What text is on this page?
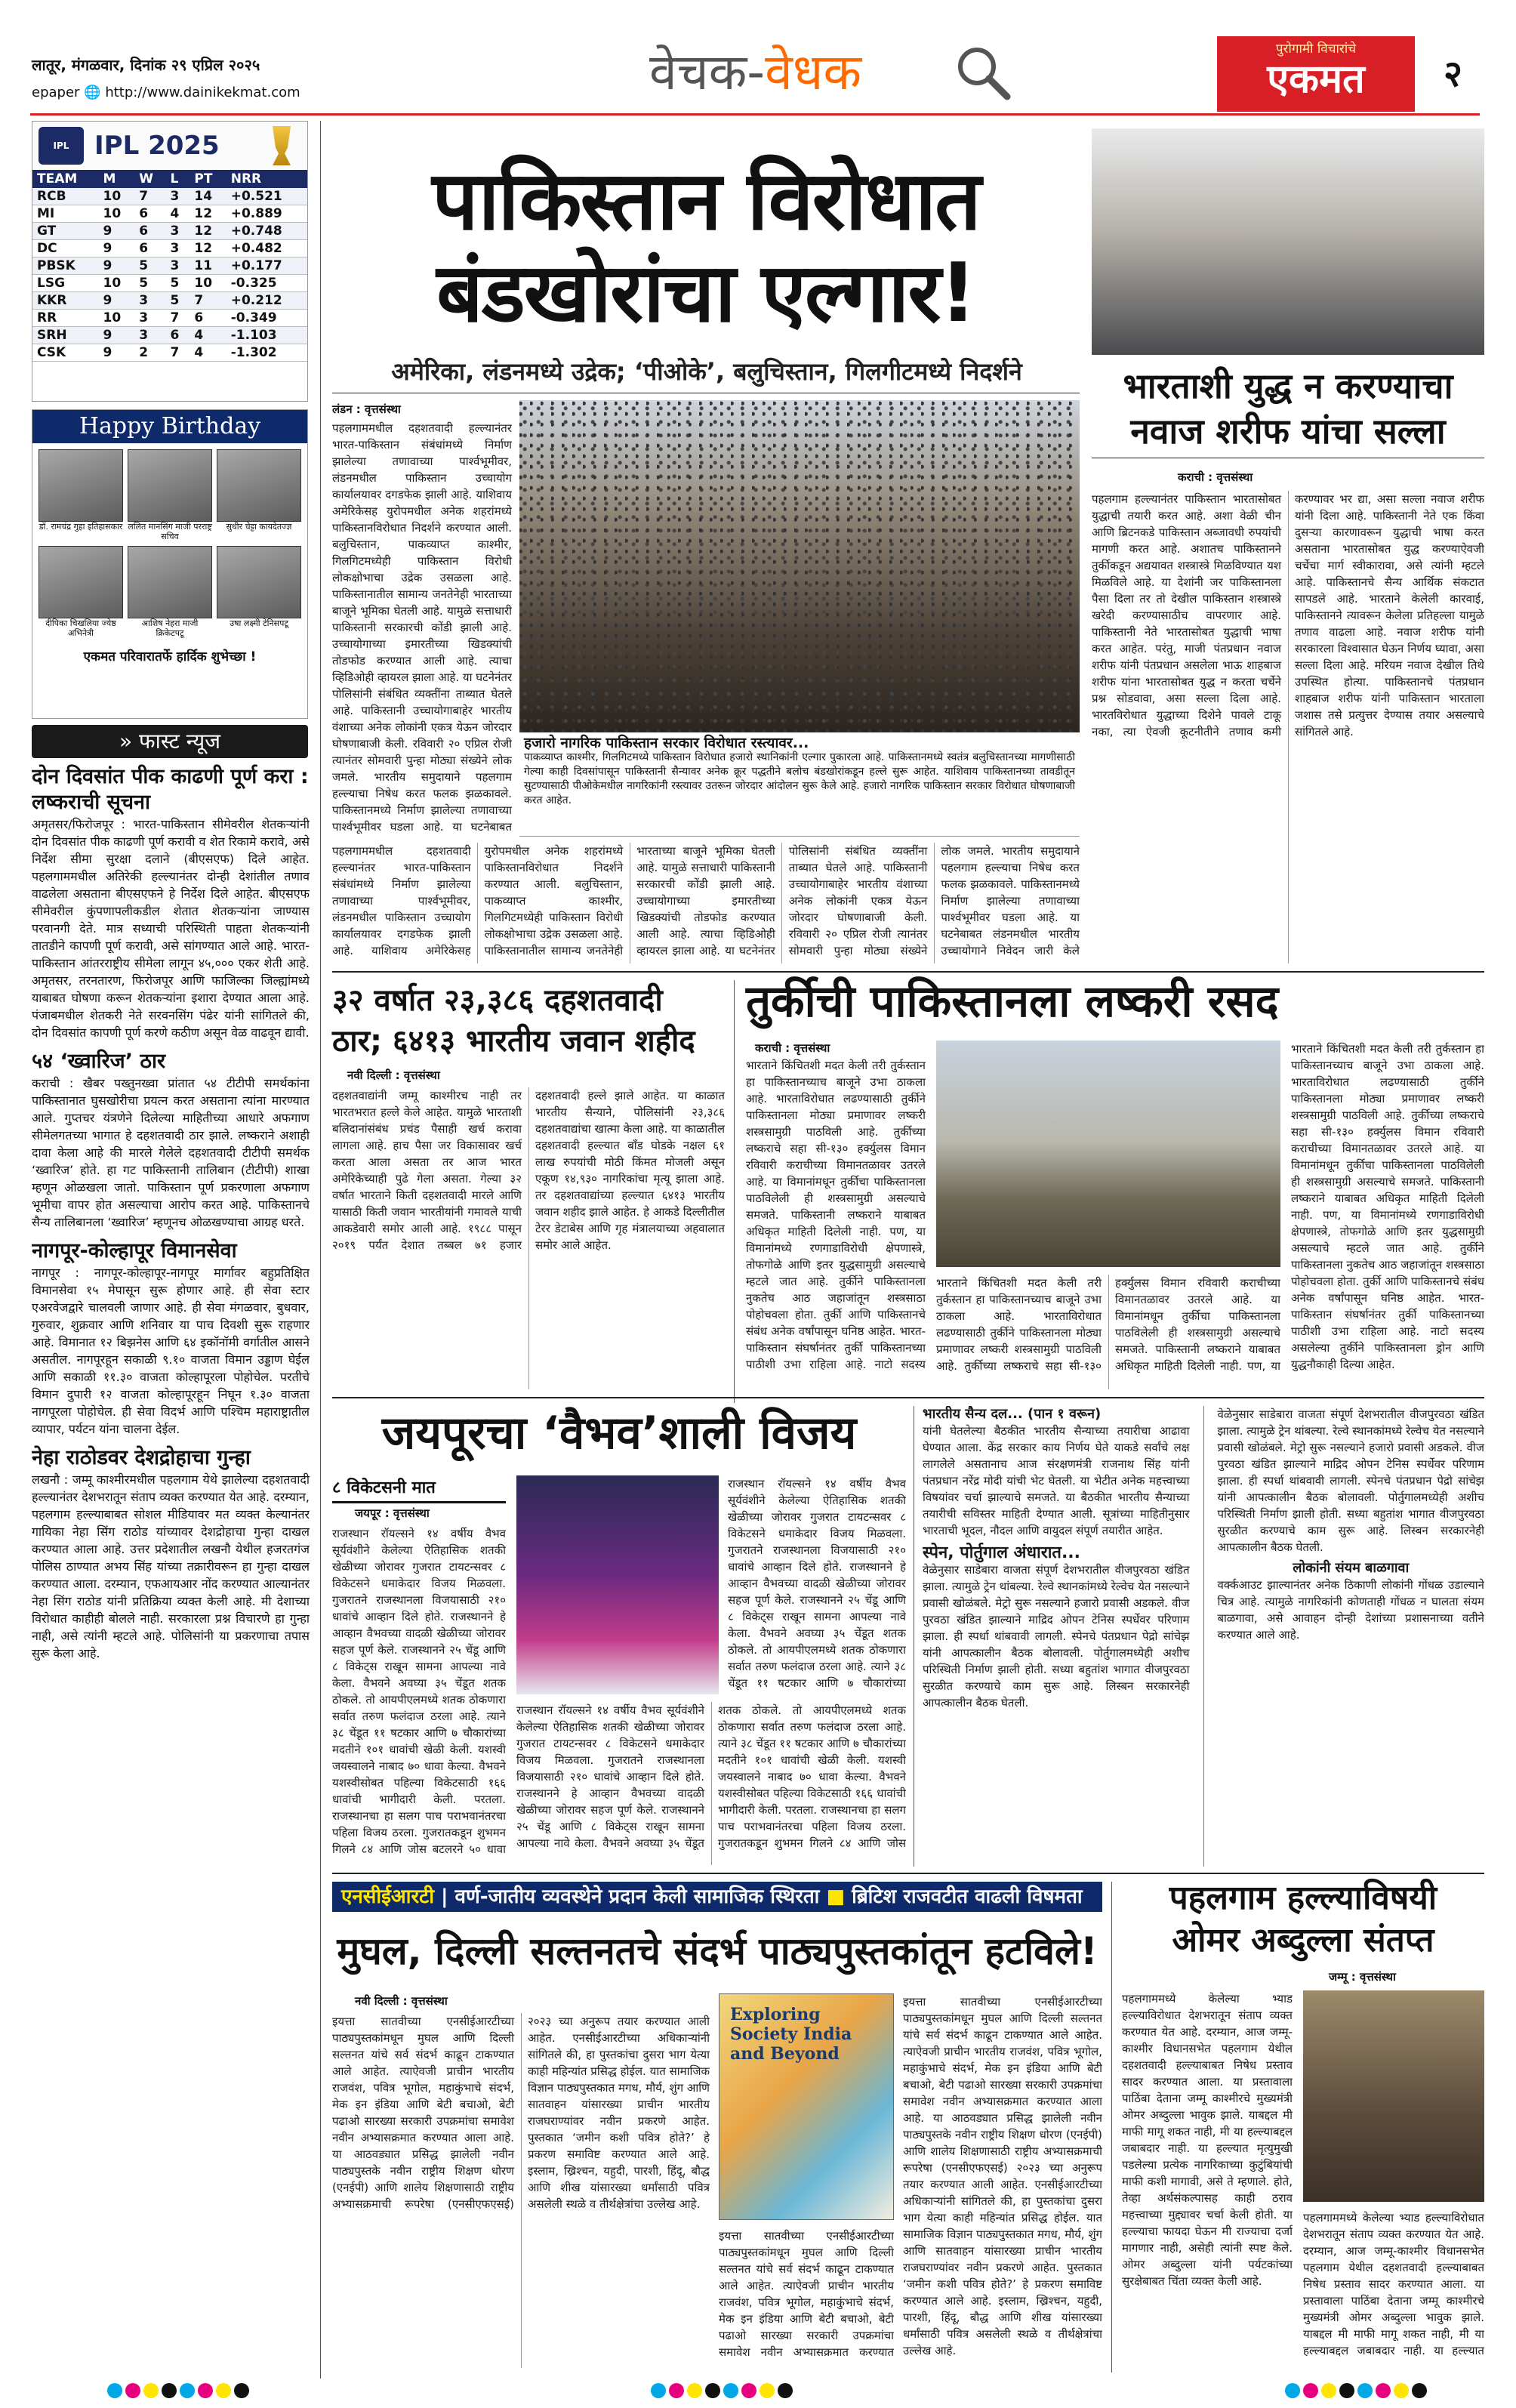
लातूर, मंगळवार, दिनांक २९ एप्रिल २०२५
epaper 🌐 http://www.dainikekmat.com	वेचक-वेधक	पुरोगामी विचारांचे
एकमत	२
IPL IPL 2025
TEAM	M	W	L	PT	NRR
RCB	10	7	3	14	+0.521
MI	10	6	4	12	+0.889
GT	9	6	3	12	+0.748
DC	9	6	3	12	+0.482
PBSK	9	5	3	11	+0.177
LSG	10	5	5	10	-0.325
KKR	9	3	5	7	+0.212
RR	10	3	7	6	-0.349
SRH	9	3	6	4	-1.103
CSK	9	2	7	4	-1.302
Happy Birthday
डॉ. रामचंद्र गुहा इतिहासकार ललित मानसिंग माजी परराष्ट्र सचिव
सुधीर चेट्टा कायदेतज्ज्ञ
दीपिका चिखलिया ज्येष्ठ अभिनेत्री
आशिष नेहरा माजी क्रिकेटपटू
उषा लक्ष्मी टेनिसपटू
एकमत परिवारातर्फे हार्दिक शुभेच्छा !
» फास्ट न्यूज
दोन दिवसांत पीक काढणी पूर्ण करा : लष्कराची सूचना
अमृतसर/फिरोजपूर : भारत-पाकिस्तान सीमेवरील शेतकऱ्यांनी दोन दिवसांत पीक काढणी पूर्ण करावी व शेत रिकामे करावे, असे निर्देश सीमा सुरक्षा दलाने (बीएसएफ) दिले आहेत. पहलगाममधील अतिरेकी हल्ल्यानंतर दोन्ही देशांतील तणाव वाढलेला असताना बीएसएफने हे निर्देश दिले आहेत. बीएसएफ सीमेवरील कुंपणापलीकडील शेतात शेतकऱ्यांना जाण्यास परवानगी देते. मात्र सध्याची परिस्थिती पाहता शेतकऱ्यांनी तातडीने कापणी पूर्ण करावी, असे सांगण्यात आले आहे. भारत-पाकिस्तान आंतरराष्ट्रीय सीमेला लागून ४५,००० एकर शेती आहे. अमृतसर, तरनतारण, फिरोजपूर आणि फाजिल्का जिल्ह्यांमध्ये याबाबत घोषणा करून शेतकऱ्यांना इशारा देण्यात आला आहे. पंजाबमधील शेतकरी नेते सरवनसिंग पंढेर यांनी सांगितले की, दोन दिवसांत कापणी पूर्ण करणे कठीण असून वेळ वाढवून द्यावी.
५४ ‘ख्वारिज’ ठार
कराची : खैबर पख्तुनख्वा प्रांतात ५४ टीटीपी समर्थकांना पाकिस्तानात घुसखोरीचा प्रयत्न करत असताना त्यांना मारण्यात आले. गुप्तचर यंत्रणेने दिलेल्या माहितीच्या आधारे अफगाण सीमेलगतच्या भागात हे दहशतवादी ठार झाले. लष्कराने अशाही दावा केला आहे की मारले गेलेले दहशतवादी टीटीपी समर्थक ‘ख्वारिज’ होते. हा गट पाकिस्तानी तालिबान (टीटीपी) शाखा म्हणून ओळखला जातो. पाकिस्तान पूर्ण प्रकरणाला अफगाण भूमीचा वापर होत असल्याचा आरोप करत आहे. पाकिस्तानचे सैन्य तालिबानला ‘ख्वारिज’ म्हणूनच ओळखण्याचा आग्रह धरते.
नागपूर-कोल्हापूर विमानसेवा
नागपूर : नागपूर-कोल्हापूर-नागपूर मार्गावर बहुप्रतिक्षित विमानसेवा १५ मेपासून सुरू होणार आहे. ही सेवा स्टार एअरवेजद्वारे चालवली जाणार आहे. ही सेवा मंगळवार, बुधवार, गुरुवार, शुक्रवार आणि शनिवार या पाच दिवशी सुरू राहणार आहे. विमानात १२ बिझनेस आणि ६४ इकॉनॉमी वर्गातील आसने असतील. नागपूरहून सकाळी ९.१० वाजता विमान उड्डाण घेईल आणि सकाळी ११.३० वाजता कोल्हापूरला पोहोचेल. परतीचे विमान दुपारी १२ वाजता कोल्हापूरहून निघून १.३० वाजता नागपूरला पोहोचेल. ही सेवा विदर्भ आणि पश्चिम महाराष्ट्रातील व्यापार, पर्यटन यांना चालना देईल.
नेहा राठोडवर देशद्रोहाचा गुन्हा
लखनौ : जम्मू काश्मीरमधील पहलगाम येथे झालेल्या दहशतवादी हल्ल्यानंतर देशभरातून संताप व्यक्त करण्यात येत आहे. दरम्यान, पहलगाम हल्ल्याबाबत सोशल मीडियावर मत व्यक्त केल्यानंतर गायिका नेहा सिंग राठोड यांच्यावर देशद्रोहाचा गुन्हा दाखल करण्यात आला आहे. उत्तर प्रदेशातील लखनौ येथील हजरतगंज पोलिस ठाण्यात अभय सिंह यांच्या तक्रारीवरून हा गुन्हा दाखल करण्यात आला. दरम्यान, एफआयआर नोंद करण्यात आल्यानंतर नेहा सिंग राठोड यांनी प्रतिक्रिया व्यक्त केली आहे. मी देशाच्या विरोधात काहीही बोलले नाही. सरकारला प्रश्न विचारणे हा गुन्हा नाही, असे त्यांनी म्हटले आहे. पोलिसांनी या प्रकरणाचा तपास सुरू केला आहे.
पाकिस्तान विरोधात
बंडखोरांचा एल्गार!
अमेरिका, लंडनमध्ये उद्रेक; ‘पीओके’, बलुचिस्तान, गिलगीटमध्ये निदर्शने
लंडन : वृत्तसंस्था
हजारो नागरिक पाकिस्तान सरकार विरोधात रस्त्यावर...
पाकव्याप्त काश्मीर, गिलगिटमध्ये पाकिस्तान विरोधात हजारो स्थानिकांनी एल्गार पुकारला आहे. पाकिस्तानमध्ये स्वतंत्र बलुचिस्तानच्या मागणीसाठी गेल्या काही दिवसांपासून पाकिस्तानी सैन्यावर अनेक क्रूर पद्धतीने बलोच बंडखोरांकडून हल्ले सुरू आहेत. याशिवाय पाकिस्तानच्या तावडीतून सुटण्यासाठी पीओकेमधील नागरिकांनी रस्त्यावर उतरून जोरदार आंदोलन सुरू केले आहे. हजारो नागरिक पाकिस्तान सरकार विरोधात घोषणाबाजी करत आहेत.
पहलगाममधील दहशतवादी हल्ल्यानंतर भारत-पाकिस्तान संबंधांमध्ये निर्माण झालेल्या तणावाच्या पार्श्वभूमीवर, लंडनमधील पाकिस्तान उच्चायोग कार्यालयावर दगडफेक झाली आहे. याशिवाय अमेरिकेसह युरोपमधील अनेक शहरांमध्ये पाकिस्तानविरोधात निदर्शने करण्यात आली. बलुचिस्तान, पाकव्याप्त काश्मीर, गिलगिटमध्येही पाकिस्तान विरोधी लोकक्षोभाचा उद्रेक उसळला आहे. पाकिस्तानातील सामान्य जनतेनेही भारताच्या बाजूने भूमिका घेतली आहे. यामुळे सत्ताधारी पाकिस्तानी सरकारची कोंडी झाली आहे. उच्चायोगाच्या इमारतीच्या खिडक्यांची तोडफोड करण्यात आली आहे. त्याचा व्हिडिओही व्हायरल झाला आहे. या घटनेनंतर पोलिसांनी संबंधित व्यक्तींना ताब्यात घेतले आहे. पाकिस्तानी उच्चायोगाबाहेर भारतीय वंशाच्या अनेक लोकांनी एकत्र येऊन जोरदार घोषणाबाजी केली. रविवारी २० एप्रिल रोजी त्यानंतर सोमवारी पुन्हा मोठ्या संख्येने लोक जमले. भारतीय समुदायाने पहलगाम हल्ल्याचा निषेध करत फलक झळकावले. पाकिस्तानमध्ये निर्माण झालेल्या तणावाच्या पार्श्वभूमीवर घडला आहे. या घटनेबाबत
पहलगाममधील दहशतवादी हल्ल्यानंतर भारत-पाकिस्तान संबंधांमध्ये निर्माण झालेल्या तणावाच्या पार्श्वभूमीवर, लंडनमधील पाकिस्तान उच्चायोग कार्यालयावर दगडफेक झाली आहे. याशिवाय अमेरिकेसह युरोपमधील अनेक शहरांमध्ये पाकिस्तानविरोधात निदर्शने करण्यात आली. बलुचिस्तान, पाकव्याप्त काश्मीर, गिलगिटमध्येही पाकिस्तान विरोधी लोकक्षोभाचा उद्रेक उसळला आहे. पाकिस्तानातील सामान्य जनतेनेही भारताच्या बाजूने भूमिका घेतली आहे. यामुळे सत्ताधारी पाकिस्तानी सरकारची कोंडी झाली आहे. उच्चायोगाच्या इमारतीच्या खिडक्यांची तोडफोड करण्यात आली आहे. त्याचा व्हिडिओही व्हायरल झाला आहे. या घटनेनंतर पोलिसांनी संबंधित व्यक्तींना ताब्यात घेतले आहे. पाकिस्तानी उच्चायोगाबाहेर भारतीय वंशाच्या अनेक लोकांनी एकत्र येऊन जोरदार घोषणाबाजी केली. रविवारी २० एप्रिल रोजी त्यानंतर सोमवारी पुन्हा मोठ्या संख्येने लोक जमले. भारतीय समुदायाने पहलगाम हल्ल्याचा निषेध करत फलक झळकावले. पाकिस्तानमध्ये निर्माण झालेल्या तणावाच्या पार्श्वभूमीवर घडला आहे. या घटनेबाबत लंडनमधील भारतीय उच्चायोगाने निवेदन जारी केले
भारताशी युद्ध न करण्याचा
नवाज शरीफ यांचा सल्ला
कराची : वृत्तसंस्था
पहलगाम हल्ल्यानंतर पाकिस्तान भारतासोबत युद्धाची तयारी करत आहे. अशा वेळी चीन आणि ब्रिटनकडे पाकिस्तान अब्जावधी रुपयांची मागणी करत आहे. अशातच पाकिस्तानने तुर्कीकडून अद्ययावत शस्त्रास्त्रे मिळविण्यात यश मिळविले आहे. या देशांनी जर पाकिस्तानला पैसा दिला तर तो देखील पाकिस्तान शस्त्रास्त्रे खरेदी करण्यासाठीच वापरणार आहे. पाकिस्तानी नेते भारतासोबत युद्धाची भाषा करत आहेत. परंतु, माजी पंतप्रधान नवाज शरीफ यांनी पंतप्रधान असलेला भाऊ शाहबाज शरीफ यांना भारतासोबत युद्ध न करता चर्चेने प्रश्न सोडवावा, असा सल्ला दिला आहे. भारतविरोधात युद्धाच्या दिशेने पावले टाकू नका, त्या ऐवजी कूटनीतीने तणाव कमी करण्यावर भर द्या, असा सल्ला नवाज शरीफ यांनी दिला आहे. पाकिस्तानी नेते एक किंवा दुसऱ्या कारणावरून युद्धाची भाषा करत असताना भारतासोबत युद्ध करण्याऐवजी चर्चेचा मार्ग स्वीकारावा, असे त्यांनी म्हटले आहे. पाकिस्तानचे सैन्य आर्थिक संकटात सापडले आहे. भारताने केलेली कारवाई, पाकिस्तानने त्यावरून केलेला प्रतिहल्ला यामुळे तणाव वाढला आहे. नवाज शरीफ यांनी सरकारला विश्वासात घेऊन निर्णय घ्यावा, असा सल्ला दिला आहे. मरियम नवाज देखील तिथे उपस्थित होत्या. पाकिस्तानचे पंतप्रधान शाहबाज शरीफ यांनी पाकिस्तान भारताला जशास तसे प्रत्युत्तर देण्यास तयार असल्याचे सांगितले आहे.
३२ वर्षात २३,३८६ दहशतवादी
ठार; ६४१३ भारतीय जवान शहीद
नवी दिल्ली : वृत्तसंस्था
दहशतवाद्यांनी जम्मू काश्मीरच नाही तर भारतभरात हल्ले केले आहेत. यामुळे भारताशी बलिदानांसंबंध प्रचंड पैसाही खर्च करावा लागला आहे. हाच पैसा जर विकासावर खर्च करता आला असता तर आज भारत अमेरिकेच्याही पुढे गेला असता. गेल्या ३२ वर्षात भारताने किती दहशतवादी मारले आणि यासाठी किती जवान भारतीयांनी गमावले याची आकडेवारी समोर आली आहे. १९८८ पासून २०१९ पर्यंत देशात तब्बल ७१ हजार दहशतवादी हल्ले झाले आहेत. या काळात भारतीय सैन्याने, पोलिसांनी २३,३८६ दहशतवाद्यांचा खात्मा केला आहे. या काळातील दहशतवादी हल्ल्यात बाँड घोडके नक्षल ६१ लाख रुपयांची मोठी किंमत मोजली असून एकूण १४,९३० नागरिकांचा मृत्यू झाला आहे. तर दहशतवाद्यांच्या हल्ल्यात ६४१३ भारतीय जवान शहीद झाले आहेत. हे आकडे दिल्लीतील टेरर डेटाबेस आणि गृह मंत्रालयाच्या अहवालात समोर आले आहेत.
तुर्कीची पाकिस्तानला लष्करी रसद
कराची : वृत्तसंस्था
भारताने किंचितशी मदत केली तरी तुर्कस्तान हा पाकिस्तानच्याच बाजूने उभा ठाकला आहे. भारताविरोधात लढण्यासाठी तुर्कीने पाकिस्तानला मोठ्या प्रमाणावर लष्करी शस्त्रसामुग्री पाठविली आहे. तुर्कीच्या लष्कराचे सहा सी-१३० हर्क्युलस विमान रविवारी कराचीच्या विमानतळावर उतरले आहे. या विमानांमधून तुर्कीचा पाकिस्तानला पाठविलेली ही शस्त्रसामुग्री असल्याचे समजते. पाकिस्तानी लष्कराने याबाबत अधिकृत माहिती दिलेली नाही. पण, या विमानांमध्ये रणगाडाविरोधी क्षेपणास्त्रे, तोफगोळे आणि इतर युद्धसामुग्री असल्याचे म्हटले जात आहे. तुर्कीने पाकिस्तानला नुकतेच आठ जहाजांतून शस्त्रसाठा पोहोचवला होता. तुर्की आणि पाकिस्तानचे संबंध अनेक वर्षांपासून घनिष्ठ आहेत. भारत-पाकिस्तान संघर्षानंतर तुर्की पाकिस्तानच्या पाठीशी उभा राहिला आहे. नाटो सदस्य
भारताने किंचितशी मदत केली तरी तुर्कस्तान हा पाकिस्तानच्याच बाजूने उभा ठाकला आहे. भारताविरोधात लढण्यासाठी तुर्कीने पाकिस्तानला मोठ्या प्रमाणावर लष्करी शस्त्रसामुग्री पाठविली आहे. तुर्कीच्या लष्कराचे सहा सी-१३० हर्क्युलस विमान रविवारी कराचीच्या विमानतळावर उतरले आहे. या विमानांमधून तुर्कीचा पाकिस्तानला पाठविलेली ही शस्त्रसामुग्री असल्याचे समजते. पाकिस्तानी लष्कराने याबाबत अधिकृत माहिती दिलेली नाही. पण, या
भारताने किंचितशी मदत केली तरी तुर्कस्तान हा पाकिस्तानच्याच बाजूने उभा ठाकला आहे. भारताविरोधात लढण्यासाठी तुर्कीने पाकिस्तानला मोठ्या प्रमाणावर लष्करी शस्त्रसामुग्री पाठविली आहे. तुर्कीच्या लष्कराचे सहा सी-१३० हर्क्युलस विमान रविवारी कराचीच्या विमानतळावर उतरले आहे. या विमानांमधून तुर्कीचा पाकिस्तानला पाठविलेली ही शस्त्रसामुग्री असल्याचे समजते. पाकिस्तानी लष्कराने याबाबत अधिकृत माहिती दिलेली नाही. पण, या विमानांमध्ये रणगाडाविरोधी क्षेपणास्त्रे, तोफगोळे आणि इतर युद्धसामुग्री असल्याचे म्हटले जात आहे. तुर्कीने पाकिस्तानला नुकतेच आठ जहाजांतून शस्त्रसाठा पोहोचवला होता. तुर्की आणि पाकिस्तानचे संबंध अनेक वर्षांपासून घनिष्ठ आहेत. भारत-पाकिस्तान संघर्षानंतर तुर्की पाकिस्तानच्या पाठीशी उभा राहिला आहे. नाटो सदस्य असलेल्या तुर्कीने पाकिस्तानला ड्रोन आणि युद्धनौकाही दिल्या आहेत.
जयपूरचा ‘वैभव’शाली विजय
८ विकेटसनी मात
जयपूर : वृत्तसंस्था
राजस्थान रॉयल्सने १४ वर्षीय वैभव सूर्यवंशीने केलेल्या ऐतिहासिक शतकी खेळीच्या जोरावर गुजरात टायटन्सवर ८ विकेटसने धमाकेदार विजय मिळवला. गुजरातने राजस्थानला विजयासाठी २१० धावांचे आव्हान दिले होते. राजस्थानने हे आव्हान वैभवच्या वादळी खेळीच्या जोरावर सहज पूर्ण केले. राजस्थानने २५ चेंडू आणि ८ विकेट्स राखून सामना आपल्या नावे केला. वैभवने अवघ्या ३५ चेंडूत शतक ठोकले. तो आयपीएलमध्ये शतक ठोकणारा सर्वात तरुण फलंदाज ठरला आहे. त्याने ३८ चेंडूत ११ षटकार आणि ७ चौकारांच्या मदतीने १०१ धावांची खेळी केली. यशस्वी जयस्वालने नाबाद ७० धावा केल्या. वैभवने यशस्वीसोबत पहिल्या विकेटसाठी १६६ धावांची भागीदारी केली. परतला. राजस्थानचा हा सलग पाच पराभवानंतरचा पहिला विजय ठरला. गुजरातकडून शुभमन गिलने ८४ आणि जोस बटलरने ५० धावा
राजस्थान रॉयल्सने १४ वर्षीय वैभव सूर्यवंशीने केलेल्या ऐतिहासिक शतकी खेळीच्या जोरावर गुजरात टायटन्सवर ८ विकेटसने धमाकेदार विजय मिळवला. गुजरातने राजस्थानला विजयासाठी २१० धावांचे आव्हान दिले होते. राजस्थानने हे आव्हान वैभवच्या वादळी खेळीच्या जोरावर सहज पूर्ण केले. राजस्थानने २५ चेंडू आणि ८ विकेट्स राखून सामना आपल्या नावे केला. वैभवने अवघ्या ३५ चेंडूत शतक ठोकले. तो आयपीएलमध्ये शतक ठोकणारा सर्वात तरुण फलंदाज ठरला आहे. त्याने ३८ चेंडूत ११ षटकार आणि ७ चौकारांच्या मदतीने १०१ धावांची खेळी केली. यशस्वी जयस्वालने नाबाद ७० धावा केल्या. वैभवने यशस्वीसोबत पहिल्या विकेटसाठी १६६ धावांची भागीदारी केली. परतला. राजस्थानचा हा सलग पाच पराभवानंतरचा पहिला विजय ठरला. गुजरातकडून शुभमन गिलने ८४ आणि जोस
राजस्थान रॉयल्सने १४ वर्षीय वैभव सूर्यवंशीने केलेल्या ऐतिहासिक शतकी खेळीच्या जोरावर गुजरात टायटन्सवर ८ विकेटसने धमाकेदार विजय मिळवला. गुजरातने राजस्थानला विजयासाठी २१० धावांचे आव्हान दिले होते. राजस्थानने हे आव्हान वैभवच्या वादळी खेळीच्या जोरावर सहज पूर्ण केले. राजस्थानने २५ चेंडू आणि ८ विकेट्स राखून सामना आपल्या नावे केला. वैभवने अवघ्या ३५ चेंडूत शतक ठोकले. तो आयपीएलमध्ये शतक ठोकणारा सर्वात तरुण फलंदाज ठरला आहे. त्याने ३८ चेंडूत ११ षटकार आणि ७ चौकारांच्या
भारतीय सैन्य दल... (पान १ वरून)
यांनी घेतलेल्या बैठकीत भारतीय सैन्याच्या तयारीचा आढावा घेण्यात आला. केंद्र सरकार काय निर्णय घेते याकडे सर्वांचे लक्ष लागलेले असतानाच आज संरक्षणमंत्री राजनाथ सिंह यांनी पंतप्रधान नरेंद्र मोदी यांची भेट घेतली. या भेटीत अनेक महत्त्वाच्या विषयांवर चर्चा झाल्याचे समजते. या बैठकीत भारतीय सैन्याच्या तयारीची सविस्तर माहिती देण्यात आली. सूत्रांच्या माहितीनुसार भारताची भूदल, नौदल आणि वायुदल संपूर्ण तयारीत आहेत.
स्पेन, पोर्तुगाल अंधारात...
वेळेनुसार साडेबारा वाजता संपूर्ण देशभरातील वीजपुरवठा खंडित झाला. त्यामुळे ट्रेन थांबल्या. रेल्वे स्थानकांमध्ये रेल्वेच येत नसल्याने प्रवासी खोळंबले. मेट्रो सुरू नसल्याने हजारो प्रवासी अडकले. वीज पुरवठा खंडित झाल्याने माद्रिद ओपन टेनिस स्पर्धेवर परिणाम झाला. ही स्पर्धा थांबवावी लागली. स्पेनचे पंतप्रधान पेद्रो सांचेझ यांनी आपत्कालीन बैठक बोलावली. पोर्तुगालमध्येही अशीच परिस्थिती निर्माण झाली होती. सध्या बहुतांश भागात वीजपुरवठा सुरळीत करण्याचे काम सुरू आहे. लिस्बन सरकारनेही आपत्कालीन बैठक घेतली.
वेळेनुसार साडेबारा वाजता संपूर्ण देशभरातील वीजपुरवठा खंडित झाला. त्यामुळे ट्रेन थांबल्या. रेल्वे स्थानकांमध्ये रेल्वेच येत नसल्याने प्रवासी खोळंबले. मेट्रो सुरू नसल्याने हजारो प्रवासी अडकले. वीज पुरवठा खंडित झाल्याने माद्रिद ओपन टेनिस स्पर्धेवर परिणाम झाला. ही स्पर्धा थांबवावी लागली. स्पेनचे पंतप्रधान पेद्रो सांचेझ यांनी आपत्कालीन बैठक बोलावली. पोर्तुगालमध्येही अशीच परिस्थिती निर्माण झाली होती. सध्या बहुतांश भागात वीजपुरवठा सुरळीत करण्याचे काम सुरू आहे. लिस्बन सरकारनेही आपत्कालीन बैठक घेतली.
लोकांनी संयम बाळगावा
वर्क्कआउट झाल्यानंतर अनेक ठिकाणी लोकांनी गोंधळ उडाल्याने चित्र आहे. त्यामुळे नागरिकांनी कोणताही गोंधळ न घालता संयम बाळगावा, असे आवाहन दोन्ही देशांच्या प्रशासनाच्या वतीने करण्यात आले आहे.
एनसीईआरटी | वर्ण-जातीय व्यवस्थेने प्रदान केली सामाजिक स्थिरता ■ ब्रिटिश राजवटीत वाढली विषमता
मुघल, दिल्ली सल्तनतचे संदर्भ पाठ्यपुस्तकांतून हटविले!
नवी दिल्ली : वृत्तसंस्था
इयत्ता सातवीच्या एनसीईआरटीच्या पाठ्यपुस्तकांमधून मुघल आणि दिल्ली सल्तनत यांचे सर्व संदर्भ काढून टाकण्यात आले आहेत. त्याऐवजी प्राचीन भारतीय राजवंश, पवित्र भूगोल, महाकुंभाचे संदर्भ, मेक इन इंडिया आणि बेटी बचाओ, बेटी पढाओ सारख्या सरकारी उपक्रमांचा समावेश नवीन अभ्यासक्रमात करण्यात आला आहे. या आठवड्यात प्रसिद्ध झालेली नवीन पाठ्यपुस्तके नवीन राष्ट्रीय शिक्षण धोरण (एनईपी) आणि शालेय शिक्षणासाठी राष्ट्रीय अभ्यासक्रमाची रूपरेषा (एनसीएफएसई) २०२३ च्या अनुरूप तयार करण्यात आली आहेत. एनसीईआरटीच्या अधिकाऱ्यांनी सांगितले की, हा पुस्तकांचा दुसरा भाग येत्या काही महिन्यांत प्रसिद्ध होईल. यात सामाजिक विज्ञान पाठ्यपुस्तकात मगध, मौर्य, शुंग आणि सातवाहन यांसारख्या प्राचीन भारतीय राजघराण्यांवर नवीन प्रकरणे आहेत. पुस्तकात ‘जमीन कशी पवित्र होते?’ हे प्रकरण समाविष्ट करण्यात आले आहे. इस्लाम, ख्रिश्चन, यहुदी, पारशी, हिंदू, बौद्ध आणि शीख यांसारख्या धर्मांसाठी पवित्र असलेली स्थळे व तीर्थक्षेत्रांचा उल्लेख आहे.
Exploring Society India and Beyond
इयत्ता सातवीच्या एनसीईआरटीच्या पाठ्यपुस्तकांमधून मुघल आणि दिल्ली सल्तनत यांचे सर्व संदर्भ काढून टाकण्यात आले आहेत. त्याऐवजी प्राचीन भारतीय राजवंश, पवित्र भूगोल, महाकुंभाचे संदर्भ, मेक इन इंडिया आणि बेटी बचाओ, बेटी पढाओ सारख्या सरकारी उपक्रमांचा समावेश नवीन अभ्यासक्रमात करण्यात
इयत्ता सातवीच्या एनसीईआरटीच्या पाठ्यपुस्तकांमधून मुघल आणि दिल्ली सल्तनत यांचे सर्व संदर्भ काढून टाकण्यात आले आहेत. त्याऐवजी प्राचीन भारतीय राजवंश, पवित्र भूगोल, महाकुंभाचे संदर्भ, मेक इन इंडिया आणि बेटी बचाओ, बेटी पढाओ सारख्या सरकारी उपक्रमांचा समावेश नवीन अभ्यासक्रमात करण्यात आला आहे. या आठवड्यात प्रसिद्ध झालेली नवीन पाठ्यपुस्तके नवीन राष्ट्रीय शिक्षण धोरण (एनईपी) आणि शालेय शिक्षणासाठी राष्ट्रीय अभ्यासक्रमाची रूपरेषा (एनसीएफएसई) २०२३ च्या अनुरूप तयार करण्यात आली आहेत. एनसीईआरटीच्या अधिकाऱ्यांनी सांगितले की, हा पुस्तकांचा दुसरा भाग येत्या काही महिन्यांत प्रसिद्ध होईल. यात सामाजिक विज्ञान पाठ्यपुस्तकात मगध, मौर्य, शुंग आणि सातवाहन यांसारख्या प्राचीन भारतीय राजघराण्यांवर नवीन प्रकरणे आहेत. पुस्तकात ‘जमीन कशी पवित्र होते?’ हे प्रकरण समाविष्ट करण्यात आले आहे. इस्लाम, ख्रिश्चन, यहुदी, पारशी, हिंदू, बौद्ध आणि शीख यांसारख्या धर्मांसाठी पवित्र असलेली स्थळे व तीर्थक्षेत्रांचा उल्लेख आहे.
पहलगाम हल्ल्याविषयी
ओमर अब्दुल्ला संतप्त
जम्मू : वृत्तसंस्था
पहलगाममध्ये केलेल्या भ्याड हल्ल्याविरोधात देशभरातून संताप व्यक्त करण्यात येत आहे. दरम्यान, आज जम्मू-काश्मीर विधानसभेत पहलगाम येथील दहशतवादी हल्ल्याबाबत निषेध प्रस्ताव सादर करण्यात आला. या प्रस्तावाला पाठिंबा देताना जम्मू काश्मीरचे मुख्यमंत्री ओमर अब्दुल्ला भावुक झाले. याबद्दल मी माफी मागू शकत नाही, मी या हल्ल्याबद्दल जबाबदार नाही. या हल्ल्यात मृत्युमुखी पडलेल्या प्रत्येक नागरिकाच्या कुटुंबियांची माफी कशी मागावी, असे ते म्हणाले. होते, तेव्हा अर्थसंकल्पासह काही ठराव महत्त्वाच्या मुद्द्यावर चर्चा केली होती. या हल्ल्याचा फायदा घेऊन मी राज्याचा दर्जा मागणार नाही, असेही त्यांनी स्पष्ट केले. ओमर अब्दुल्ला यांनी पर्यटकांच्या सुरक्षेबाबत चिंता व्यक्त केली आहे.
पहलगाममध्ये केलेल्या भ्याड हल्ल्याविरोधात देशभरातून संताप व्यक्त करण्यात येत आहे. दरम्यान, आज जम्मू-काश्मीर विधानसभेत पहलगाम येथील दहशतवादी हल्ल्याबाबत निषेध प्रस्ताव सादर करण्यात आला. या प्रस्तावाला पाठिंबा देताना जम्मू काश्मीरचे मुख्यमंत्री ओमर अब्दुल्ला भावुक झाले. याबद्दल मी माफी मागू शकत नाही, मी या हल्ल्याबद्दल जबाबदार नाही. या हल्ल्यात
